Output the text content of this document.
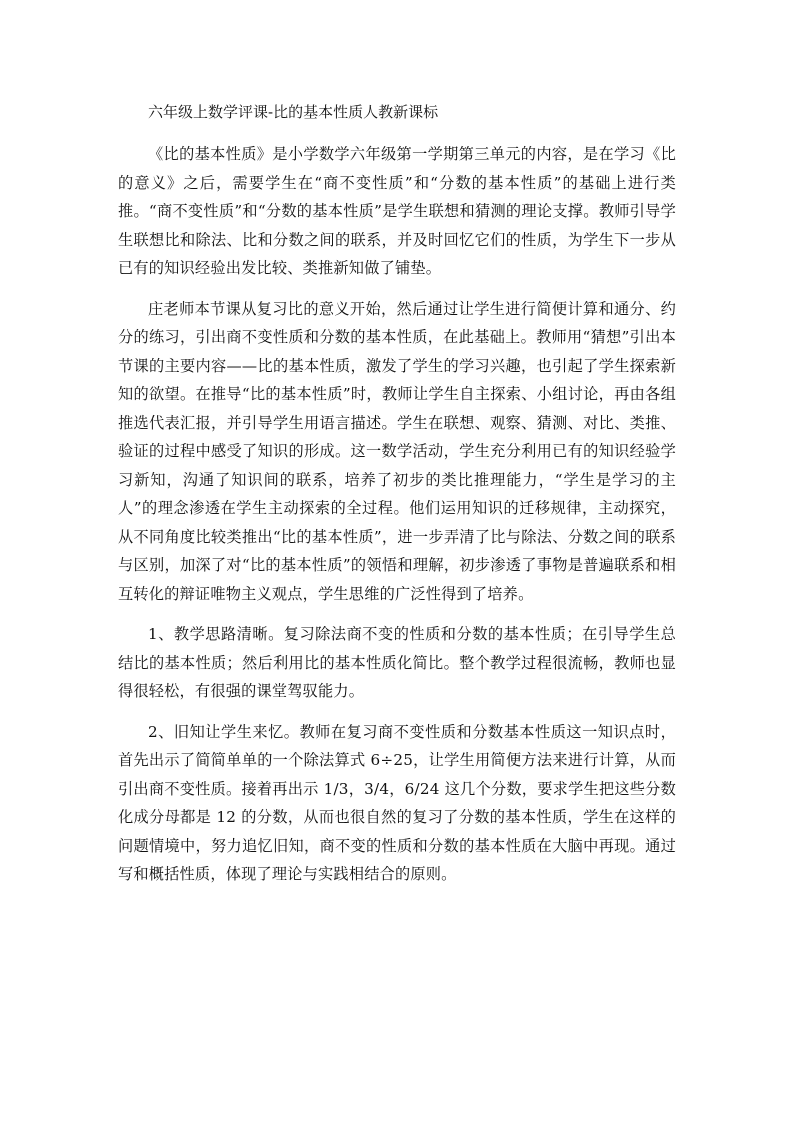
六年级上数学评课-比的基本性质人教新课标

《比的基本性质》是小学数学六年级第一学期第三单元的内容，是在学习《比的意义》之后，需要学生在“商不变性质”和“分数的基本性质”的基础上进行类推。“商不变性质”和“分数的基本性质”是学生联想和猜测的理论支撑。教师引导学生联想比和除法、比和分数之间的联系，并及时回忆它们的性质，为学生下一步从已有的知识经验出发比较、类推新知做了铺垫。

庄老师本节课从复习比的意义开始，然后通过让学生进行简便计算和通分、约分的练习，引出商不变性质和分数的基本性质，在此基础上。教师用“猜想”引出本节课的主要内容——比的基本性质，激发了学生的学习兴趣，也引起了学生探索新知的欲望。在推导“比的基本性质”时，教师让学生自主探索、小组讨论，再由各组推选代表汇报，并引导学生用语言描述。学生在联想、观察、猜测、对比、类推、验证的过程中感受了知识的形成。这一数学活动，学生充分利用已有的知识经验学习新知，沟通了知识间的联系，培养了初步的类比推理能力，“学生是学习的主人”的理念渗透在学生主动探索的全过程。他们运用知识的迁移规律，主动探究，从不同角度比较类推出“比的基本性质”，进一步弄清了比与除法、分数之间的联系与区别，加深了对“比的基本性质”的领悟和理解，初步渗透了事物是普遍联系和相互转化的辩证唯物主义观点，学生思维的广泛性得到了培养。

1、教学思路清晰。复习除法商不变的性质和分数的基本性质；在引导学生总结比的基本性质；然后利用比的基本性质化简比。整个教学过程很流畅，教师也显得很轻松，有很强的课堂驾驭能力。

2、旧知让学生来忆。教师在复习商不变性质和分数基本性质这一知识点时，首先出示了简简单单的一个除法算式 6÷25，让学生用简便方法来进行计算，从而引出商不变性质。接着再出示 1/3，3/4，6/24 这几个分数，要求学生把这些分数化成分母都是 12 的分数，从而也很自然的复习了分数的基本性质，学生在这样的问题情境中，努力追忆旧知，商不变的性质和分数的基本性质在大脑中再现。通过写和概括性质，体现了理论与实践相结合的原则。
